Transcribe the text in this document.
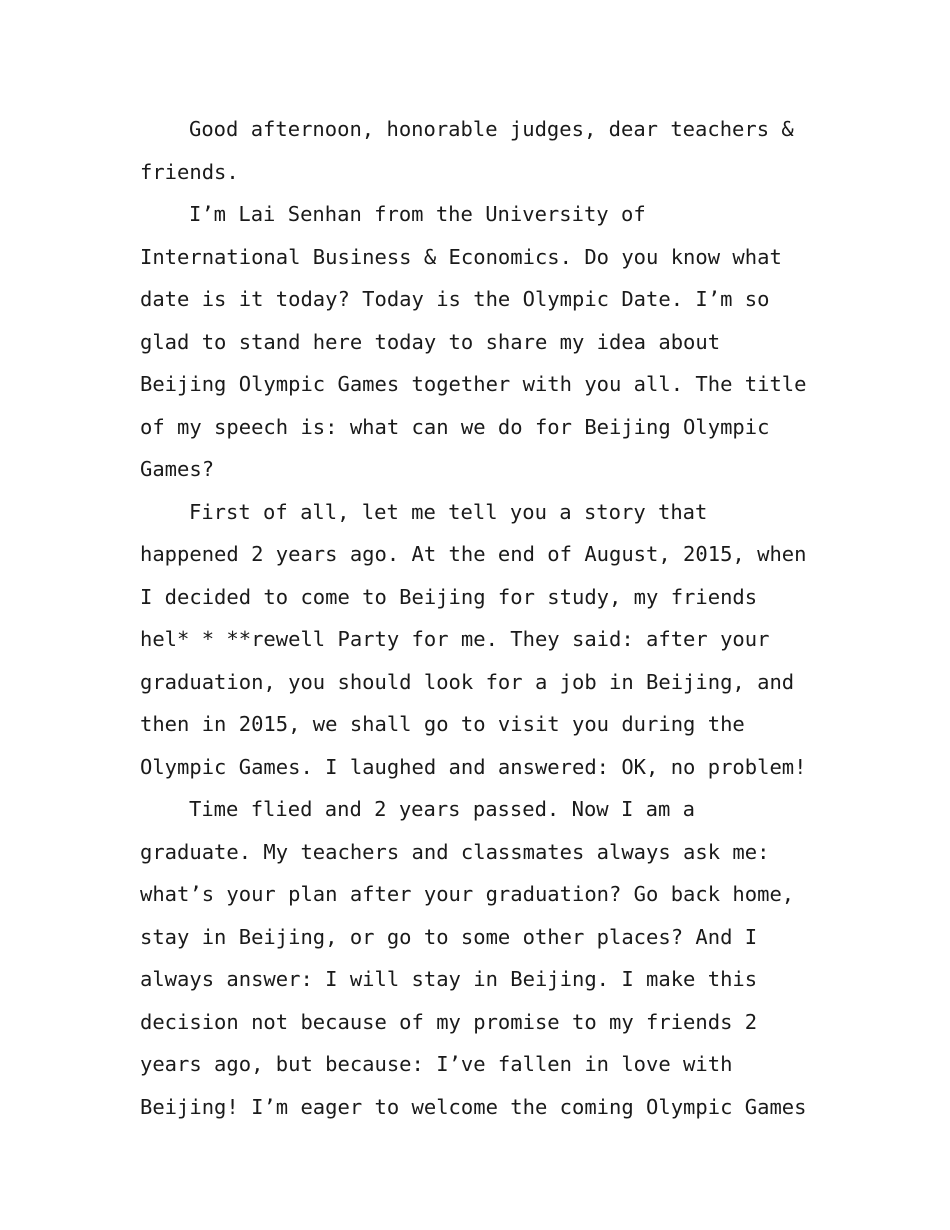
Good afternoon, honorable judges, dear teachers &
friends.

I’m Lai Senhan from the University of
International Business & Economics. Do you know what
date is it today? Today is the Olympic Date. I’m so
glad to stand here today to share my idea about
Beijing Olympic Games together with you all. The title
of my speech is: what can we do for Beijing Olympic
Games?

First of all, let me tell you a story that
happened 2 years ago. At the end of August, 2015, when
I decided to come to Beijing for study, my friends
hel* * **rewell Party for me. They said: after your
graduation, you should look for a job in Beijing, and
then in 2015, we shall go to visit you during the
Olympic Games. I laughed and answered: OK, no problem!

Time flied and 2 years passed. Now I am a
graduate. My teachers and classmates always ask me:
what’s your plan after your graduation? Go back home,
stay in Beijing, or go to some other places? And I
always answer: I will stay in Beijing. I make this
decision not because of my promise to my friends 2
years ago, but because: I’ve fallen in love with
Beijing! I’m eager to welcome the coming Olympic Games
